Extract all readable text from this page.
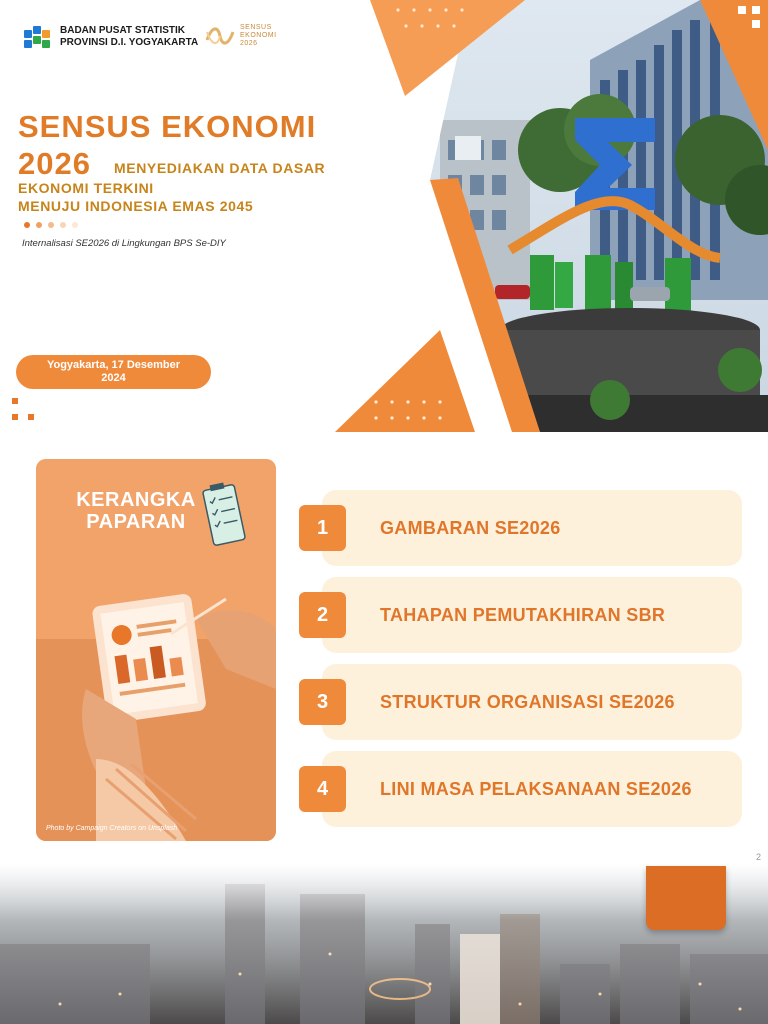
BADAN PUSAT STATISTIK
PROVINSI D.I. YOGYAKARTA
SENSUS
EKONOMI
2026
SENSUS EKONOMI
2026 MENYEDIAKAN DATA DASAR
EKONOMI TERKINI
MENUJU INDONESIA EMAS 2045
Internalisasi SE2026 di Lingkungan BPS Se-DIY
Yogyakarta, 17 Desember
2024
KERANGKA
PAPARAN
Photo by Campaign Creators on Unsplash
GAMBARAN SE2026
1
TAHAPAN PEMUTAKHIRAN SBR
2
STRUKTUR ORGANISASI SE2026
3
LINI MASA PELAKSANAAN SE2026
4
2
